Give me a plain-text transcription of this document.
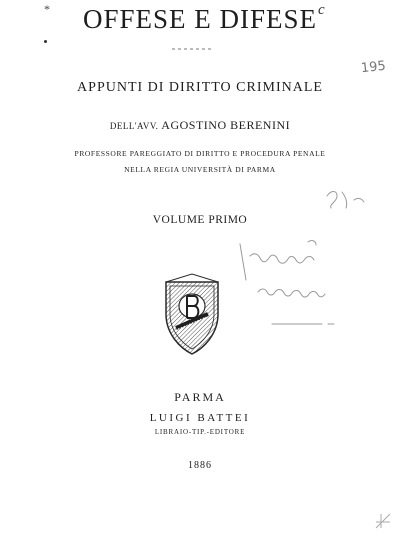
*	OFFESE E DIFESE c
195
APPUNTI DI DIRITTO CRIMINALE
DELL'AVV. AGOSTINO BERENINI
PROFESSORE PAREGGIATO DI DIRITTO E PROCEDURA PENALE
NELLA REGIA UNIVERSITÀ DI PARMA
VOLUME PRIMO
PARMA
LUIGI BATTEI
LIBRAIO-TIP.-EDITORE
1886
